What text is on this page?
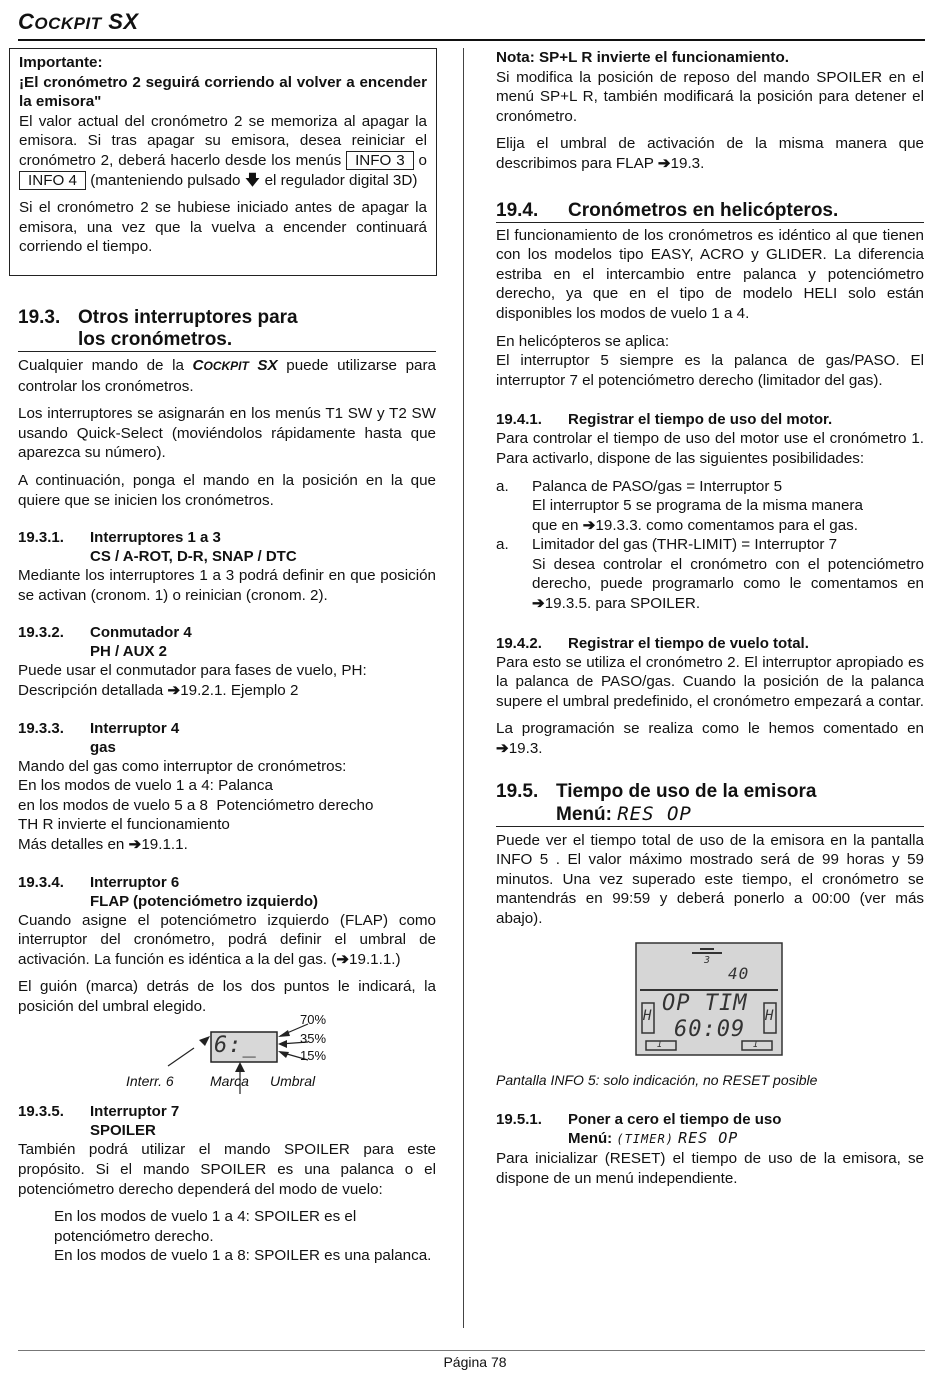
COCKPIT SX

Importante:

¡El cronómetro 2 seguirá corriendo al volver a encender la emisora"

El valor actual del cronómetro 2 se memoriza al apagar la emisora. Si tras apagar su emisora, desea reiniciar el cronómetro 2, deberá hacerlo desde los menús INFO 3 o INFO 4 (manteniendo pulsado 🡇 el regulador digital 3D)

Si el cronómetro 2 se hubiese iniciado antes de apagar la emisora, una vez que la vuelva a encender continuará corriendo el tiempo.

19.3. Otros interruptores para
los cronómetros.

Cualquier mando de la COCKPIT SX puede utilizarse para controlar los cronómetros.

Los interruptores se asignarán en los menús T1 SW y T2 SW usando Quick-Select (moviéndolos rápidamente hasta que aparezca su número).

A continuación, ponga el mando en la posición en la que quiere que se inicien los cronómetros.

19.3.1. Interruptores 1 a 3
CS / A-ROT, D-R, SNAP / DTC

Mediante los interruptores 1 a 3 podrá definir en que posición se activan (cronom. 1) o reinician (cronom. 2).

19.3.2. Conmutador 4
PH / AUX 2
Puede usar el conmutador para fases de vuelo, PH:
Descripción detallada ➔19.2.1. Ejemplo 2
19.3.3. Interruptor 4
gas
Mando del gas como interruptor de cronómetros:
En los modos de vuelo 1 a 4: Palanca
en los modos de vuelo 5 a 8  Potenciómetro derecho
TH R invierte el funcionamiento
Más detalles en ➔19.1.1.
19.3.4. Interruptor 6
FLAP (potenciómetro izquierdo)

Cuando asigne el potenciómetro izquierdo (FLAP) como interruptor del cronómetro, podrá definir el umbral de activación. La función es idéntica a la del gas. (➔19.1.1.)

El guión (marca) detrás de los dos puntos le indicará, la posición del umbral elegido.

6:_
70%
35%
15%
Interr. 6	Marca Umbral
19.3.5. Interruptor 7
SPOILER

También podrá utilizar el mando SPOILER para este propósito. Si el mando SPOILER es una palanca o el potenciómetro derecho dependerá del modo de vuelo:

En los modos de vuelo 1 a 4: SPOILER es el potenciómetro derecho.

En los modos de vuelo 1 a 8: SPOILER es una palanca.

Nota: SP+L R invierte el funcionamiento.

Si modifica la posición de reposo del mando SPOILER en el menú SP+L R, también modificará la posición para detener el cronómetro.

Elija el umbral de activación de la misma manera que describimos para FLAP ➔19.3.

19.4. Cronómetros en helicópteros.

El funcionamiento de los cronómetros es idéntico al que tienen con los modelos tipo EASY, ACRO y GLIDER. La diferencia estriba en el intercambio entre palanca y potenciómetro derecho, ya que en el tipo de modelo HELI solo están disponibles los modos de vuelo 1 a 4.

En helicópteros se aplica:
El interruptor 5 siempre es la palanca de gas/PASO. El interruptor 7 el potenciómetro derecho (limitador del gas).

19.4.1. Registrar el tiempo de uso del motor.

Para controlar el tiempo de uso del motor use el cronómetro 1. Para activarlo, dispone de las siguientes posibilidades:

a.	Palanca de PASO/gas = Interruptor 5
El interruptor 5 se programa de la misma manera
que en ➔19.3.3. como comentamos para el gas.
a.	Limitador del gas (THR-LIMIT) = Interruptor 7
Si desea controlar el cronómetro con el potenciómetro derecho, puede programarlo como le comentamos en ➔19.3.5. para SPOILER.
19.4.2. Registrar el tiempo de vuelo total.

Para esto se utiliza el cronómetro 2. El interruptor apropiado es la palanca de PASO/gas. Cuando la posición de la palanca supere el umbral predefinido, el cronómetro empezará a contar.

La programación se realiza como le hemos comentado en ➔19.3.

19.5. Tiempo de uso de la emisora
Menú: RES OP

Puede ver el tiempo total de uso de la emisora en la pantalla INFO 5 . El valor máximo mostrado será de 99 horas y 59 minutos. Una vez superado este tiempo, el cronómetro se mantendrás en 99:59 y deberá ponerlo a 00:00 (ver más abajo).

3
40
OP TIM
60:09
H	H
I	I
Pantalla INFO 5: solo indicación, no RESET posible
19.5.1. Poner a cero el tiempo de uso
Menú: (TIMER) RES OP

Para inicializar (RESET) el tiempo de uso de la emisora, se dispone de un menú independiente.

Página 78
